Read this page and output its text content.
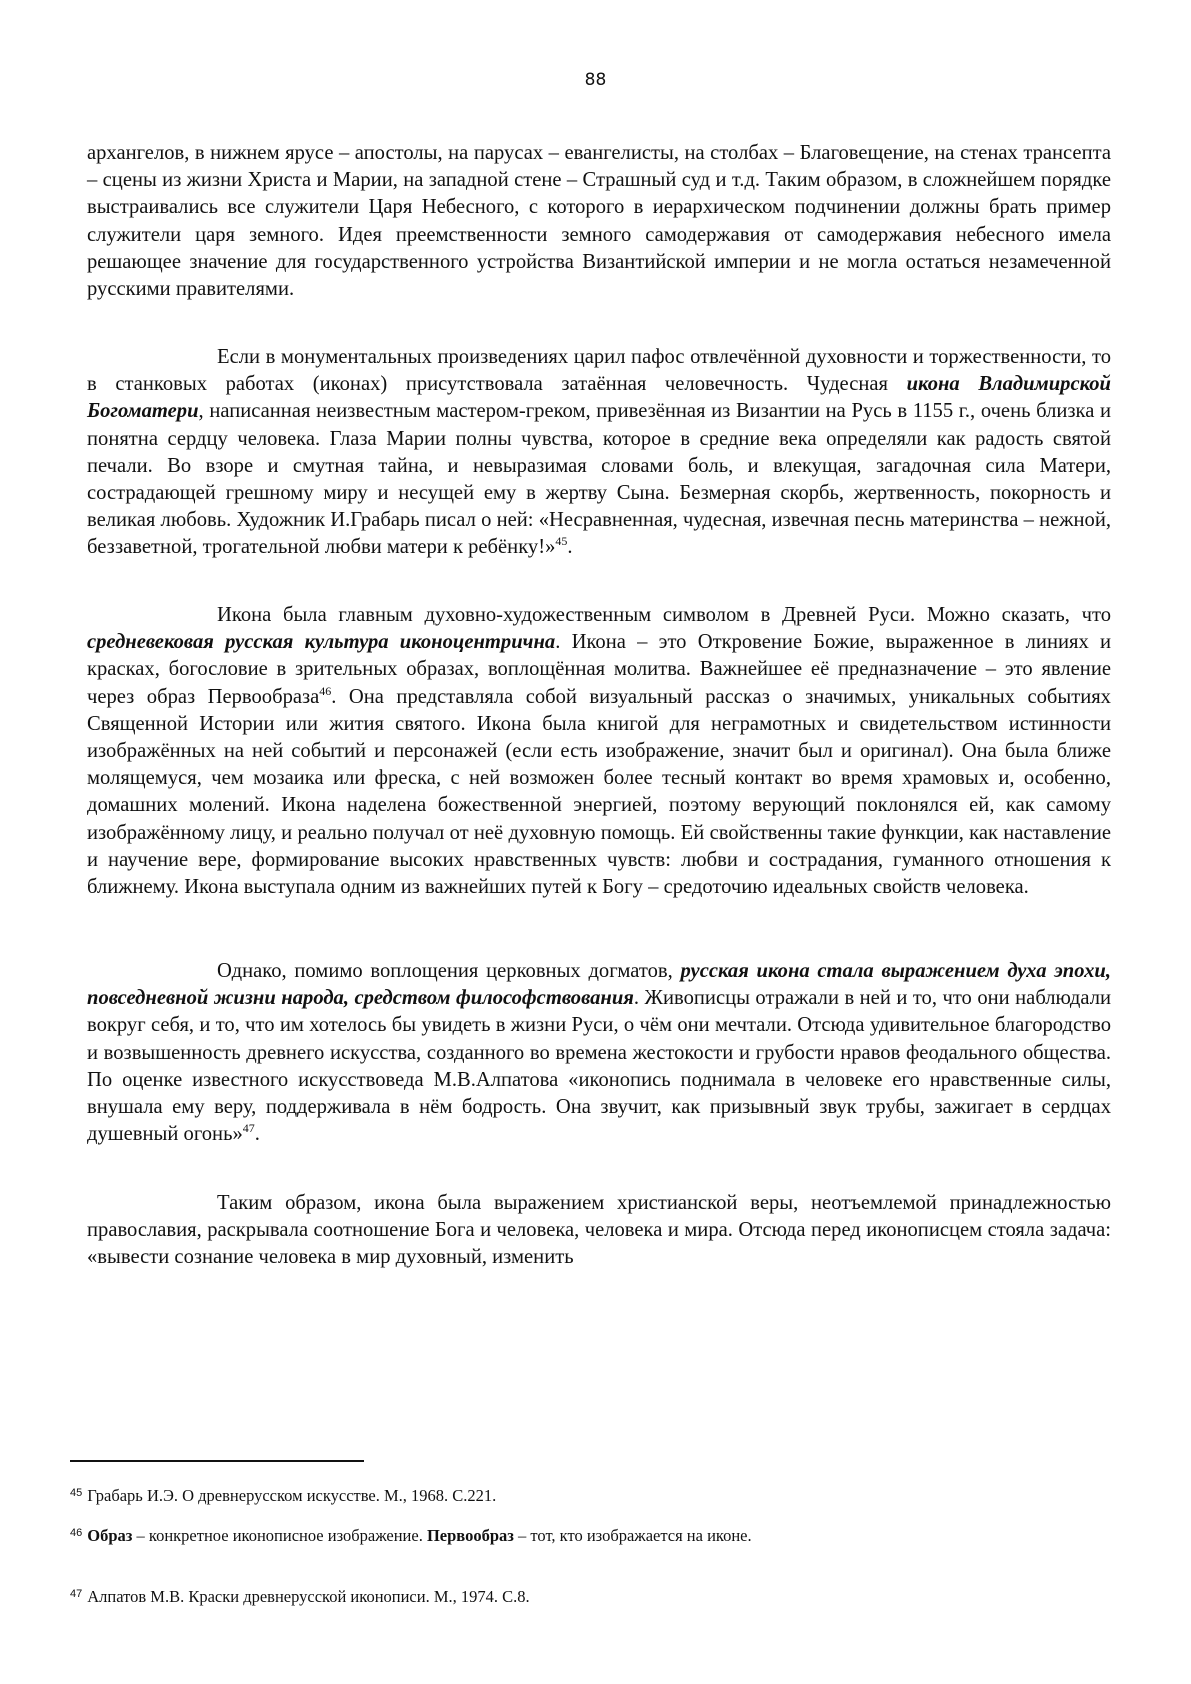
88

архангелов, в нижнем ярусе – апостолы, на парусах – евангелисты, на столбах – Благовещение, на стенах трансепта – сцены из жизни Христа и Марии, на западной стене – Страшный суд и т.д. Таким образом, в сложнейшем порядке выстраивались все служители Царя Небесного, с которого в иерархическом подчинении должны брать пример служители царя земного. Идея преемственности земного самодержавия от самодержавия небесного имела решающее значение для государственного устройства Византийской империи и не могла остаться незамеченной русскими правителями.

Если в монументальных произведениях царил пафос отвлечённой духовности и торжественности, то в станковых работах (иконах) присутствовала затаённая человечность. Чудесная икона Владимирской Богоматери, написанная неизвестным мастером-греком, привезённая из Византии на Русь в 1155 г., очень близка и понятна сердцу человека. Глаза Марии полны чувства, которое в средние века определяли как радость святой печали. Во взоре и смутная тайна, и невыразимая словами боль, и влекущая, загадочная сила Матери, сострадающей грешному миру и несущей ему в жертву Сына. Безмерная скорбь, жертвенность, покорность и великая любовь. Художник И.Грабарь писал о ней: «Несравненная, чудесная, извечная песнь материнства – нежной, беззаветной, трогательной любви матери к ребёнку!»$^{45}$.

Икона была главным духовно-художественным символом в Древней Руси. Можно сказать, что средневековая русская культура иконоцентрична. Икона – это Откровение Божие, выраженное в линиях и красках, богословие в зрительных образах, воплощённая молитва. Важнейшее её предназначение – это явление через образ Первообраза$^{46}$. Она представляла собой визуальный рассказ о значимых, уникальных событиях Священной Истории или жития святого. Икона была книгой для неграмотных и свидетельством истинности изображённых на ней событий и персонажей (если есть изображение, значит был и оригинал). Она была ближе молящемуся, чем мозаика или фреска, с ней возможен более тесный контакт во время храмовых и, особенно, домашних молений. Икона наделена божественной энергией, поэтому верующий поклонялся ей, как самому изображённому лицу, и реально получал от неё духовную помощь. Ей свойственны такие функции, как наставление и научение вере, формирование высоких нравственных чувств: любви и сострадания, гуманного отношения к ближнему. Икона выступала одним из важнейших путей к Богу – средоточию идеальных свойств человека.

Однако, помимо воплощения церковных догматов, русская икона стала выражением духа эпохи, повседневной жизни народа, средством философствования. Живописцы отражали в ней и то, что они наблюдали вокруг себя, и то, что им хотелось бы увидеть в жизни Руси, о чём они мечтали. Отсюда удивительное благородство и возвышенность древнего искусства, созданного во времена жестокости и грубости нравов феодального общества. По оценке известного искусствоведа М.В.Алпатова «иконопись поднимала в человеке его нравственные силы, внушала ему веру, поддерживала в нём бодрость. Она звучит, как призывный звук трубы, зажигает в сердцах душевный огонь»$^{47}$.

Таким образом, икона была выражением христианской веры, неотъемлемой принадлежностью православия, раскрывала соотношение Бога и человека, человека и мира. Отсюда перед иконописцем стояла задача: «вывести сознание человека в мир духовный, изменить

$^{45}$ Грабарь И.Э. О древнерусском искусстве. М., 1968. С.221.
$^{46}$ Образ – конкретное иконописное изображение. Первообраз – тот, кто изображается на иконе.
$^{47}$ Алпатов М.В. Краски древнерусской иконописи. М., 1974. С.8.
